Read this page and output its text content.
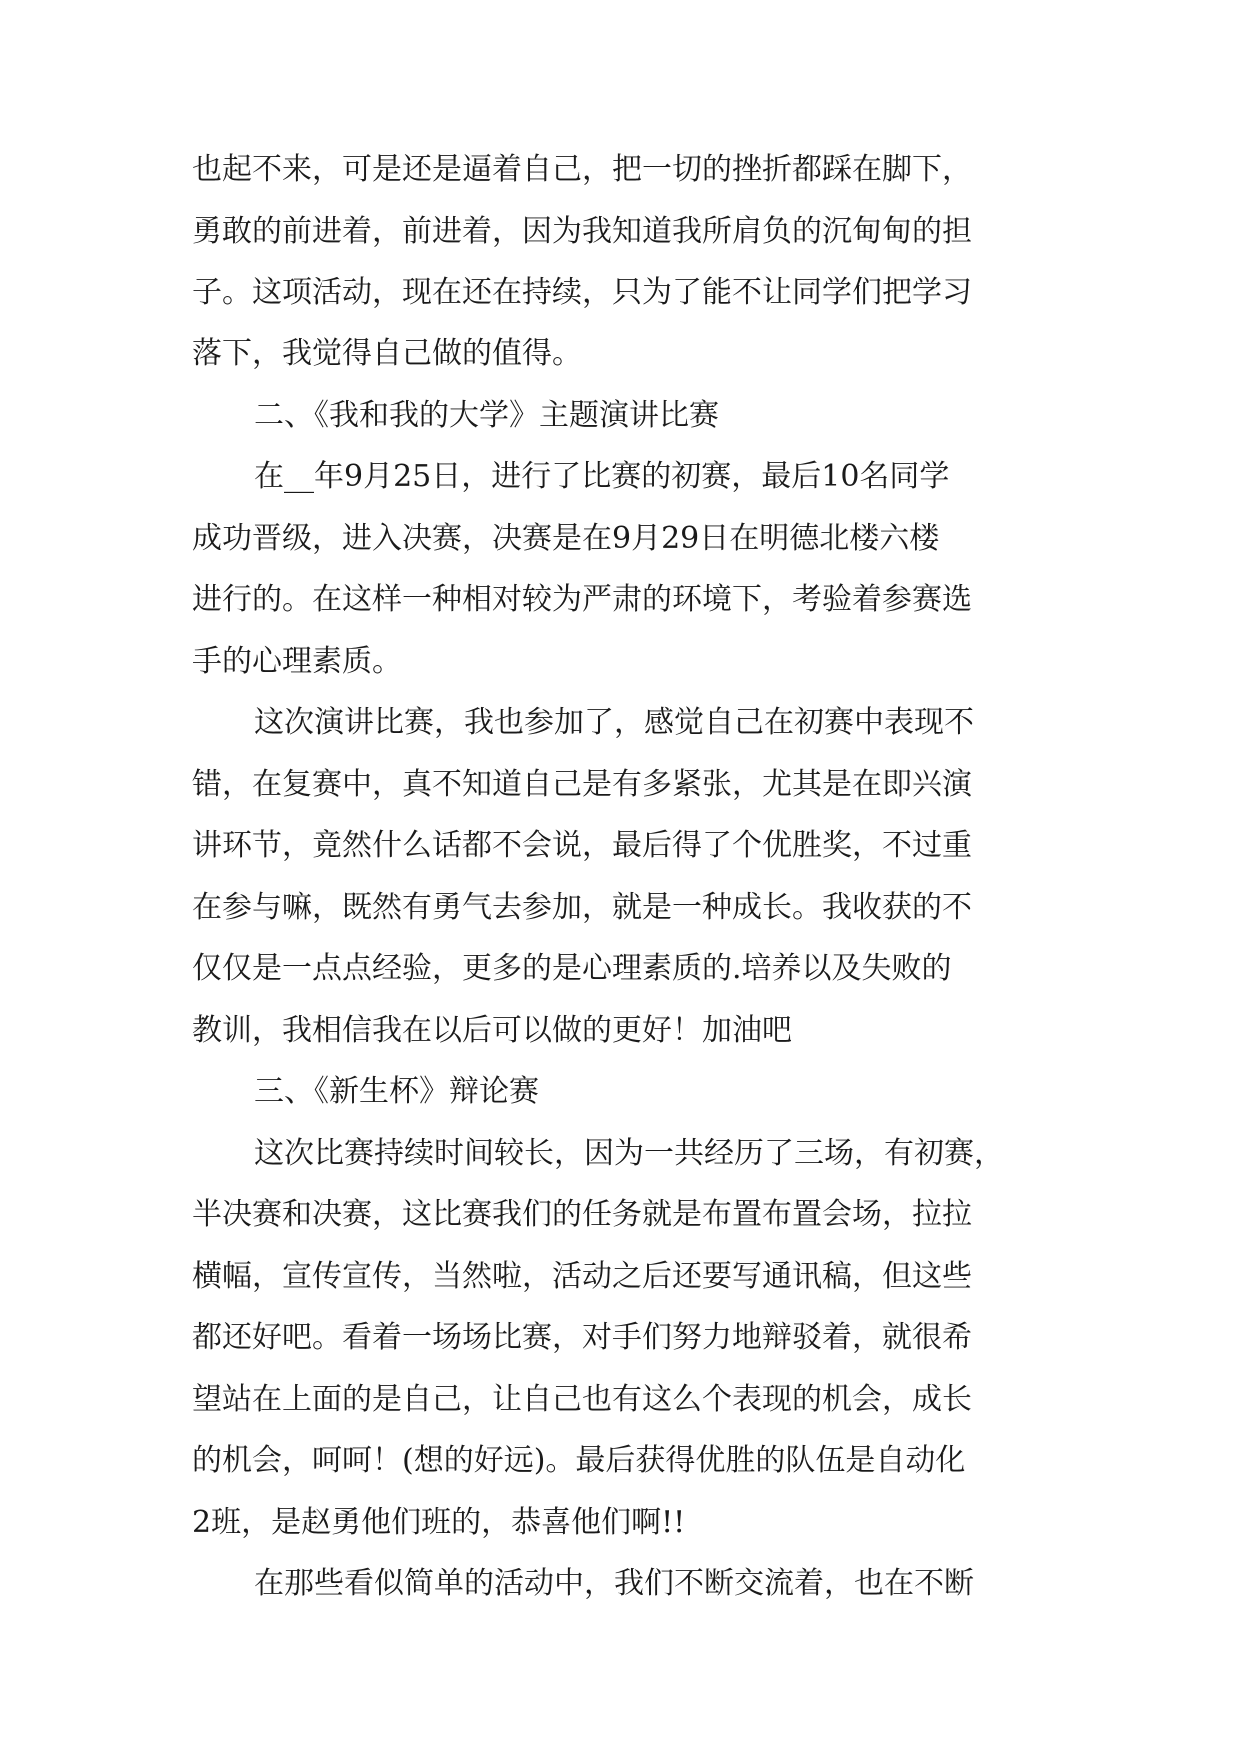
也起不来，可是还是逼着自己，把一切的挫折都踩在脚下，

勇敢的前进着，前进着，因为我知道我所肩负的沉甸甸的担

子。这项活动，现在还在持续，只为了能不让同学们把学习

落下，我觉得自己做的值得。

二、《我和我的大学》主题演讲比赛

在__年9月25日，进行了比赛的初赛，最后10名同学

成功晋级，进入决赛，决赛是在9月29日在明德北楼六楼

进行的。在这样一种相对较为严肃的环境下，考验着参赛选

手的心理素质。

这次演讲比赛，我也参加了，感觉自己在初赛中表现不

错，在复赛中，真不知道自己是有多紧张，尤其是在即兴演

讲环节，竟然什么话都不会说，最后得了个优胜奖，不过重

在参与嘛，既然有勇气去参加，就是一种成长。我收获的不

仅仅是一点点经验，更多的是心理素质的.培养以及失败的

教训，我相信我在以后可以做的更好！加油吧

三、《新生杯》辩论赛

这次比赛持续时间较长，因为一共经历了三场，有初赛，

半决赛和决赛，这比赛我们的任务就是布置布置会场，拉拉

横幅，宣传宣传，当然啦，活动之后还要写通讯稿，但这些

都还好吧。看着一场场比赛，对手们努力地辩驳着，就很希

望站在上面的是自己，让自己也有这么个表现的机会，成长

的机会，呵呵！(想的好远)。最后获得优胜的队伍是自动化

2班，是赵勇他们班的，恭喜他们啊!!

在那些看似简单的活动中，我们不断交流着，也在不断
